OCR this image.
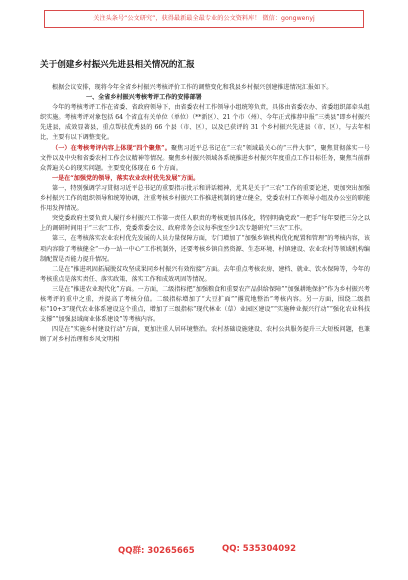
关注头条号“公文研究”，获得最新最全最专业的公文资料库！ 微信：gongwenyj
关于创建乡村振兴先进县相关情况的汇报

根据会议安排，现将今年全省乡村振兴考核评价工作的调整变化和我县乡村振兴创建推进情况汇报如下。

一、全省乡村振兴考核考评工作的安排部署

今年的考核考评工作在省委、省政府领导下，由省委农村工作领导小组统筹负责，具体由省委农办、省委组织部牵头组织实施。考核考评对象包括 64 个省直有关单位（单位）（**新区）、21 个市（州）、今年正式推荐申报“三类县”即乡村振兴先进县，成效显著县，重点帮扶优秀县的 66 个县（市、区），以及已获评的 31 个乡村振兴先进县（市、区），与去年相比，主要有以下调整变化。

（一）在考核考评内容上体现“四个聚焦”。聚焦习近平总书记在“三农”领域最关心的“三件大事”，聚焦贯彻落实一号文件以及中央和省委农村工作会议精神等情况。聚焦乡村振兴领域各系统推进乡村振兴年度重点工作目标任务，聚焦当前群众普遍关心的现实问题。主要变化体现在 6 个方面。

一是在“加强党的领导，落实农业农村优先发展”方面。

第一，特别强调学习贯彻习近平总书记的重要指示批示和讲话精神，尤其是关于“三农”工作的重要论述，更加突出加强乡村振兴工作的组织领导和统筹协调，注重考核乡村振兴工作推进机制的建立健全，党委农村工作领导小组及办公室的职能作用发挥情况。

突党委政府主要负责人履行乡村振兴工作第一责任人职责的考核更加具体化，特别明确党政“一把手”每年要把三分之以上的调研时间用于“三农”工作，党委常委会议、政府常务会议每季度至少1次专题研究“三农”工作。

第三，在考核落实农业农村优先发展的人员力量保障方面，专门增加了“加强乡镇机构优化配置和管理”的考核内容，该项内容除了考核健全“一办一站一中心”工作机制外，还要考核乡镇自然资源、生态环境、村镇建设、农业农村等领域机构编制配置是否能力提升情况。

二是在“推进巩固拓展脱贫攻坚成果同乡村振兴有效衔接”方面。去年重点考核农房、建档、就业、饮水保障等，今年的考核重点是落实责任、落实政策、落实工作和成效巩固等情况。

三是在“推进农业现代化”方面。一方面，二级指标把“加强粮食和重要农产品供给保障”“加强耕地保护”作为乡村振兴考核考评的重中之重，并提高了考核分值。二级指标增加了“大豆扩面”“撂荒地整治”考核内容。另一方面，围绕二级指标“10+3”现代农业体系建设这个重点，增加了三级指标“现代林业（草）业园区建设”“实施种业振兴行动”“强化农业科技支撑”“加强县域商业体系建设”等考核内容。

四是在“实施乡村建设行动”方面，更加注重人居环境整治。农村基础设施建设、农村公共服务提升三大短板问题，也兼顾了对乡村治理和乡风文明相

QQ群: 30265665	QQ: 535304092
